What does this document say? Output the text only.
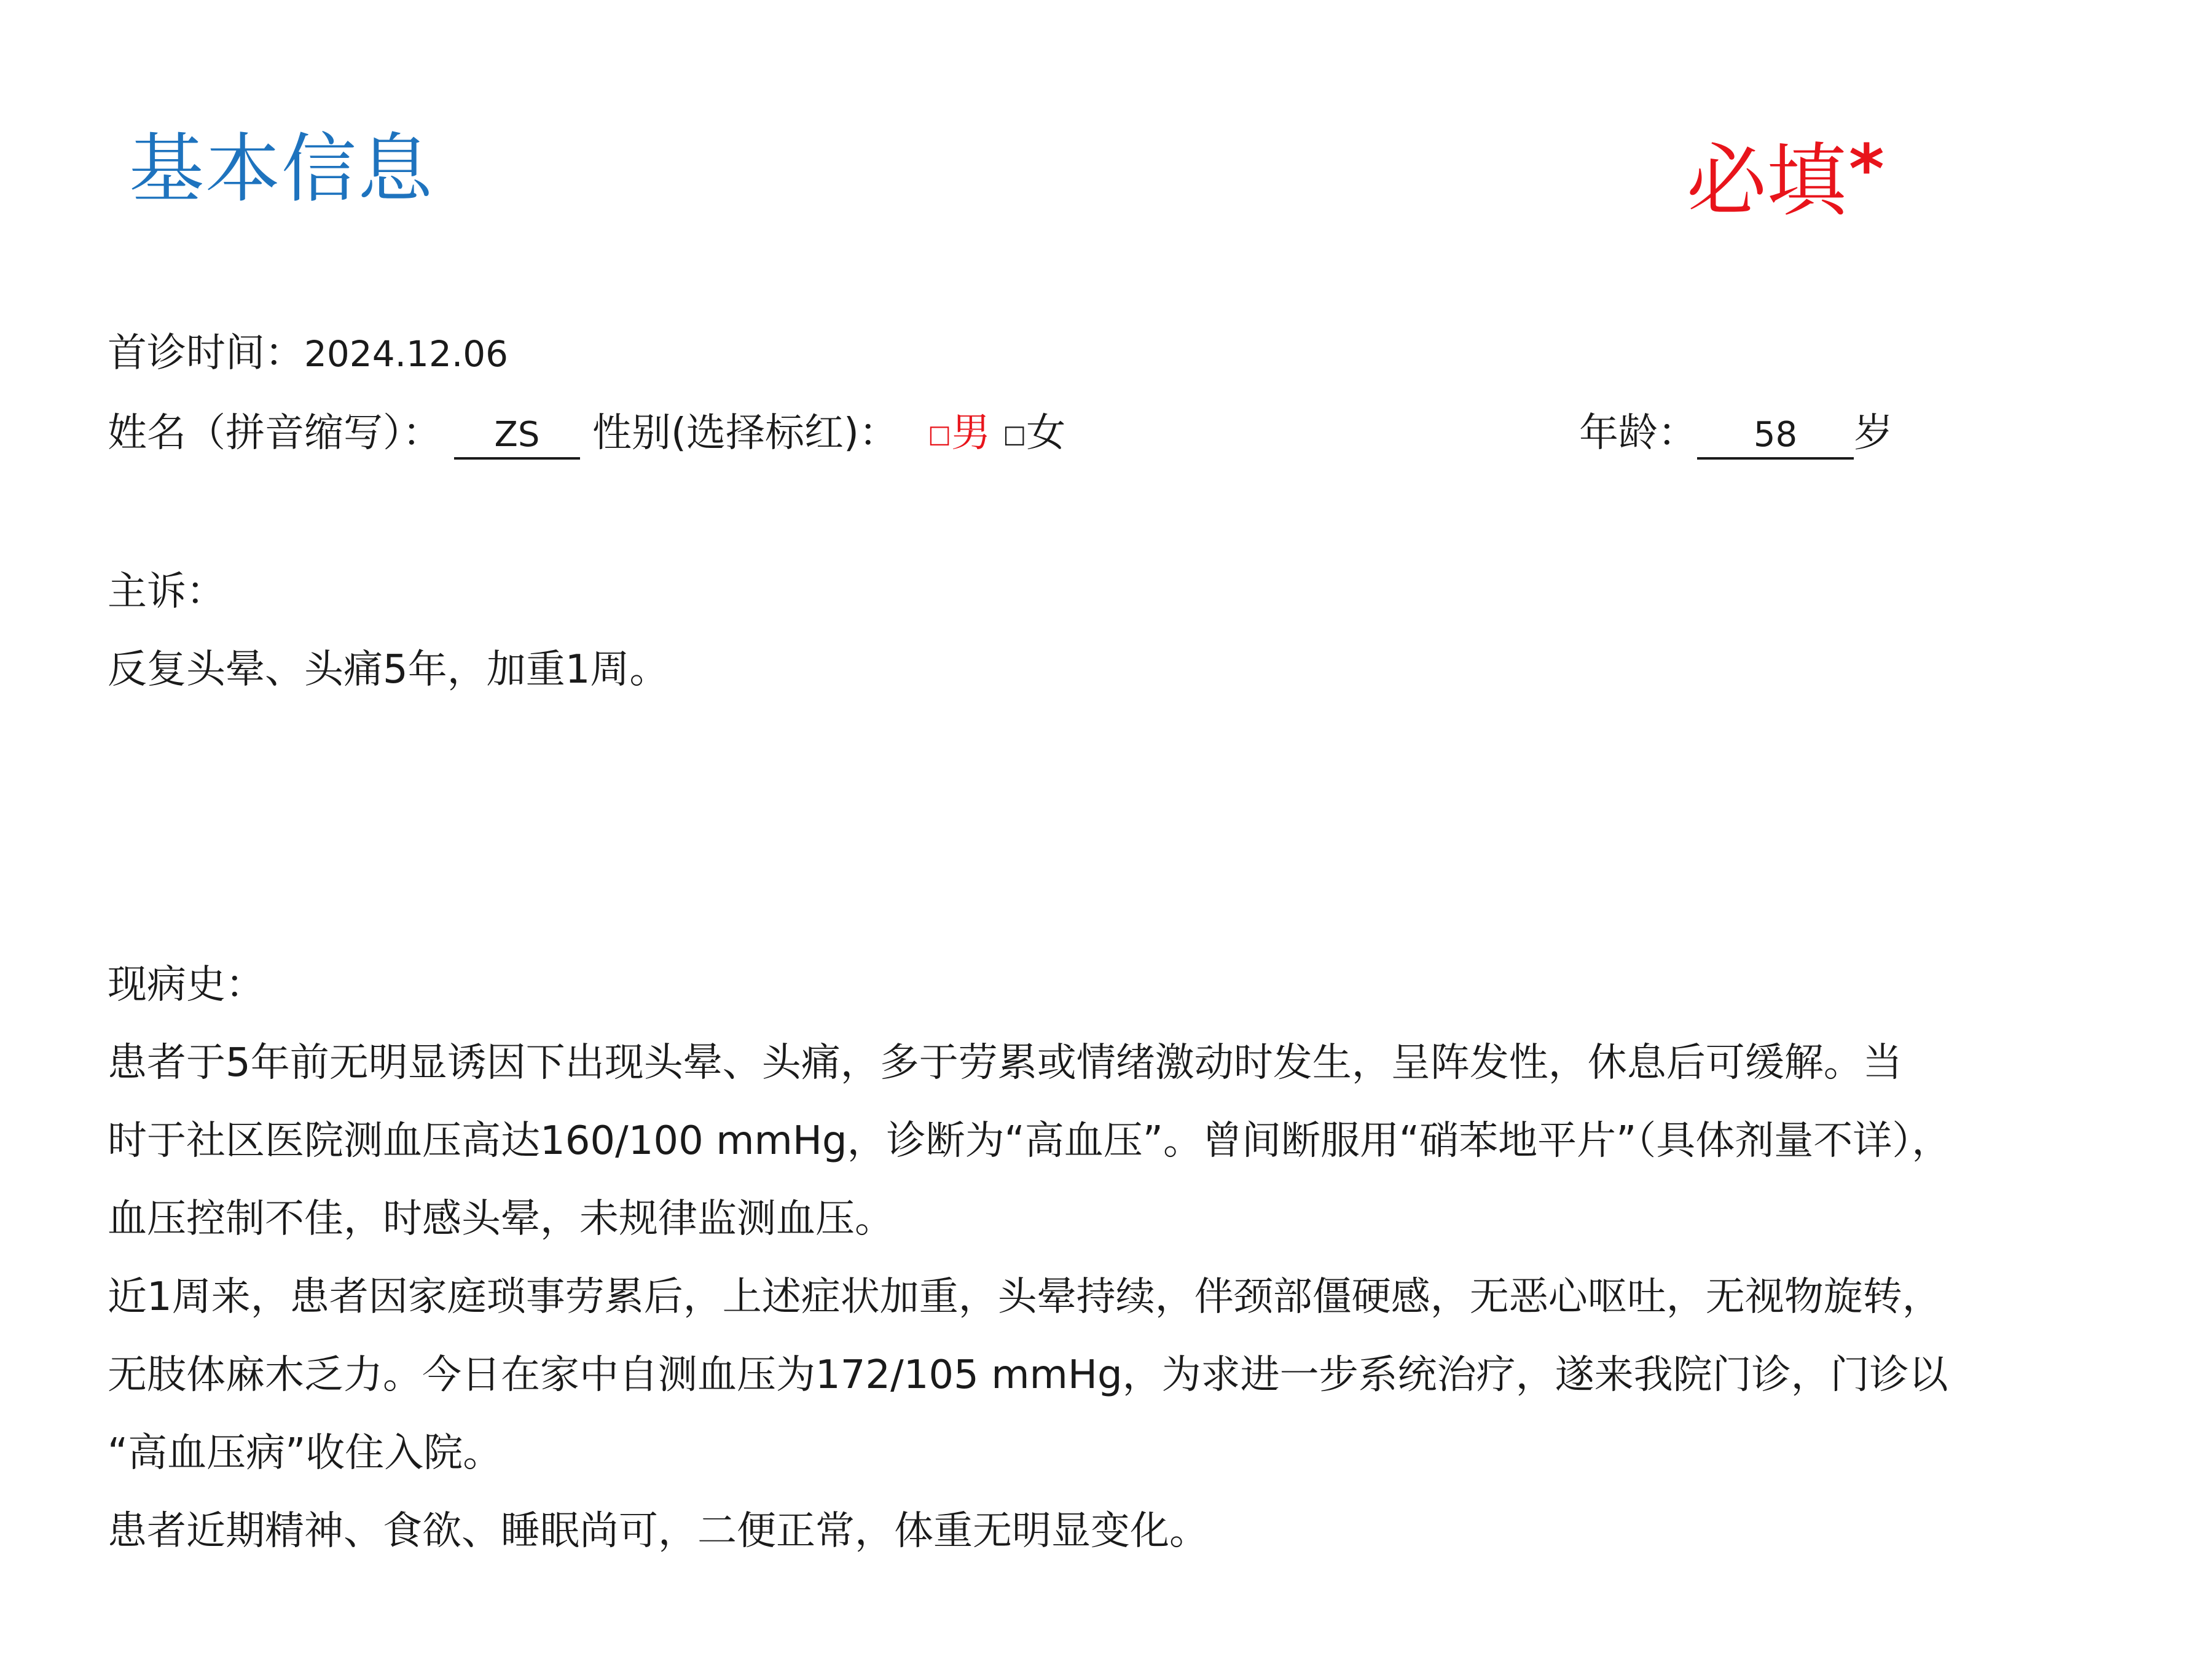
基本信息	必填*
首诊时间：2024.12.06
姓名（拼音缩写）： ZS 性别(选择标红)： □男 □女	年龄： 58 岁

主诉：

反复头晕、头痛5年，加重1周。

现病史：

患者于5年前无明显诱因下出现头晕、头痛，多于劳累或情绪激动时发生，呈阵发性，休息后可缓解。当

时于社区医院测血压高达160/100 mmHg，诊断为“高血压”。曾间断服用“硝苯地平片”（具体剂量不详），

血压控制不佳，时感头晕，未规律监测血压。

近1周来，患者因家庭琐事劳累后，上述症状加重，头晕持续，伴颈部僵硬感，无恶心呕吐，无视物旋转，

无肢体麻木乏力。今日在家中自测血压为172/105 mmHg，为求进一步系统治疗，遂来我院门诊，门诊以

“高血压病”收住入院。

患者近期精神、食欲、睡眠尚可，二便正常，体重无明显变化。
